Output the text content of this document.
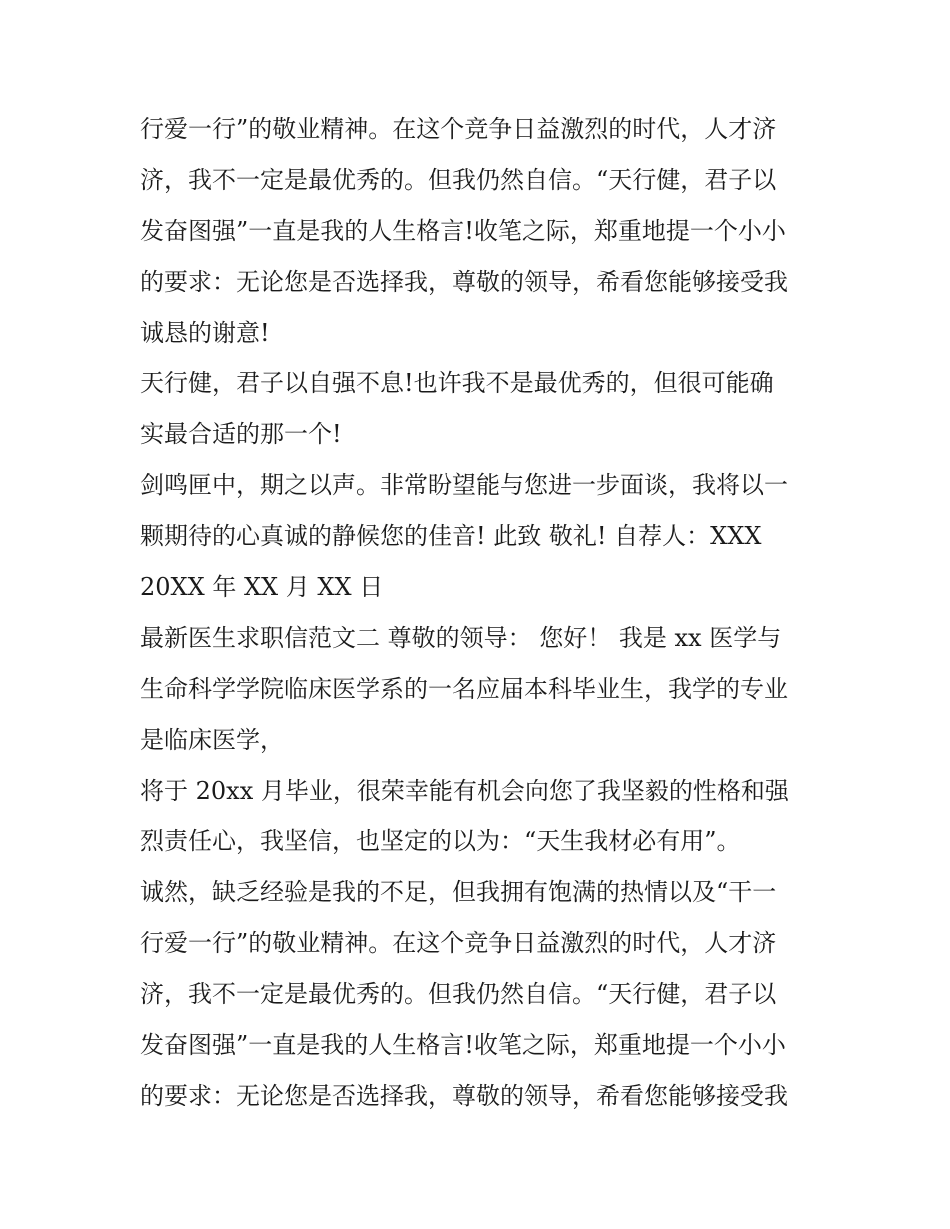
行爱一行”的敬业精神。在这个竞争日益激烈的时代，人才济
济，我不一定是最优秀的。但我仍然自信。“天行健，君子以
发奋图强”一直是我的人生格言!收笔之际，郑重地提一个小小
的要求：无论您是否选择我，尊敬的领导，希看您能够接受我
诚恳的谢意!
天行健，君子以自强不息!也许我不是最优秀的，但很可能确
实最合适的那一个!
剑鸣匣中，期之以声。非常盼望能与您进一步面谈，我将以一
颗期待的心真诚的静候您的佳音! 此致 敬礼! 自荐人：XXX
20XX 年 XX 月 XX 日
最新医生求职信范文二 尊敬的领导： 您好！ 我是 xx 医学与
生命科学学院临床医学系的一名应届本科毕业生，我学的专业
是临床医学，
将于 20xx 月毕业，很荣幸能有机会向您了我坚毅的性格和强
烈责任心，我坚信，也坚定的以为：“天生我材必有用”。
诚然，缺乏经验是我的不足，但我拥有饱满的热情以及“干一
行爱一行”的敬业精神。在这个竞争日益激烈的时代，人才济
济，我不一定是最优秀的。但我仍然自信。“天行健，君子以
发奋图强”一直是我的人生格言!收笔之际，郑重地提一个小小
的要求：无论您是否选择我，尊敬的领导，希看您能够接受我
